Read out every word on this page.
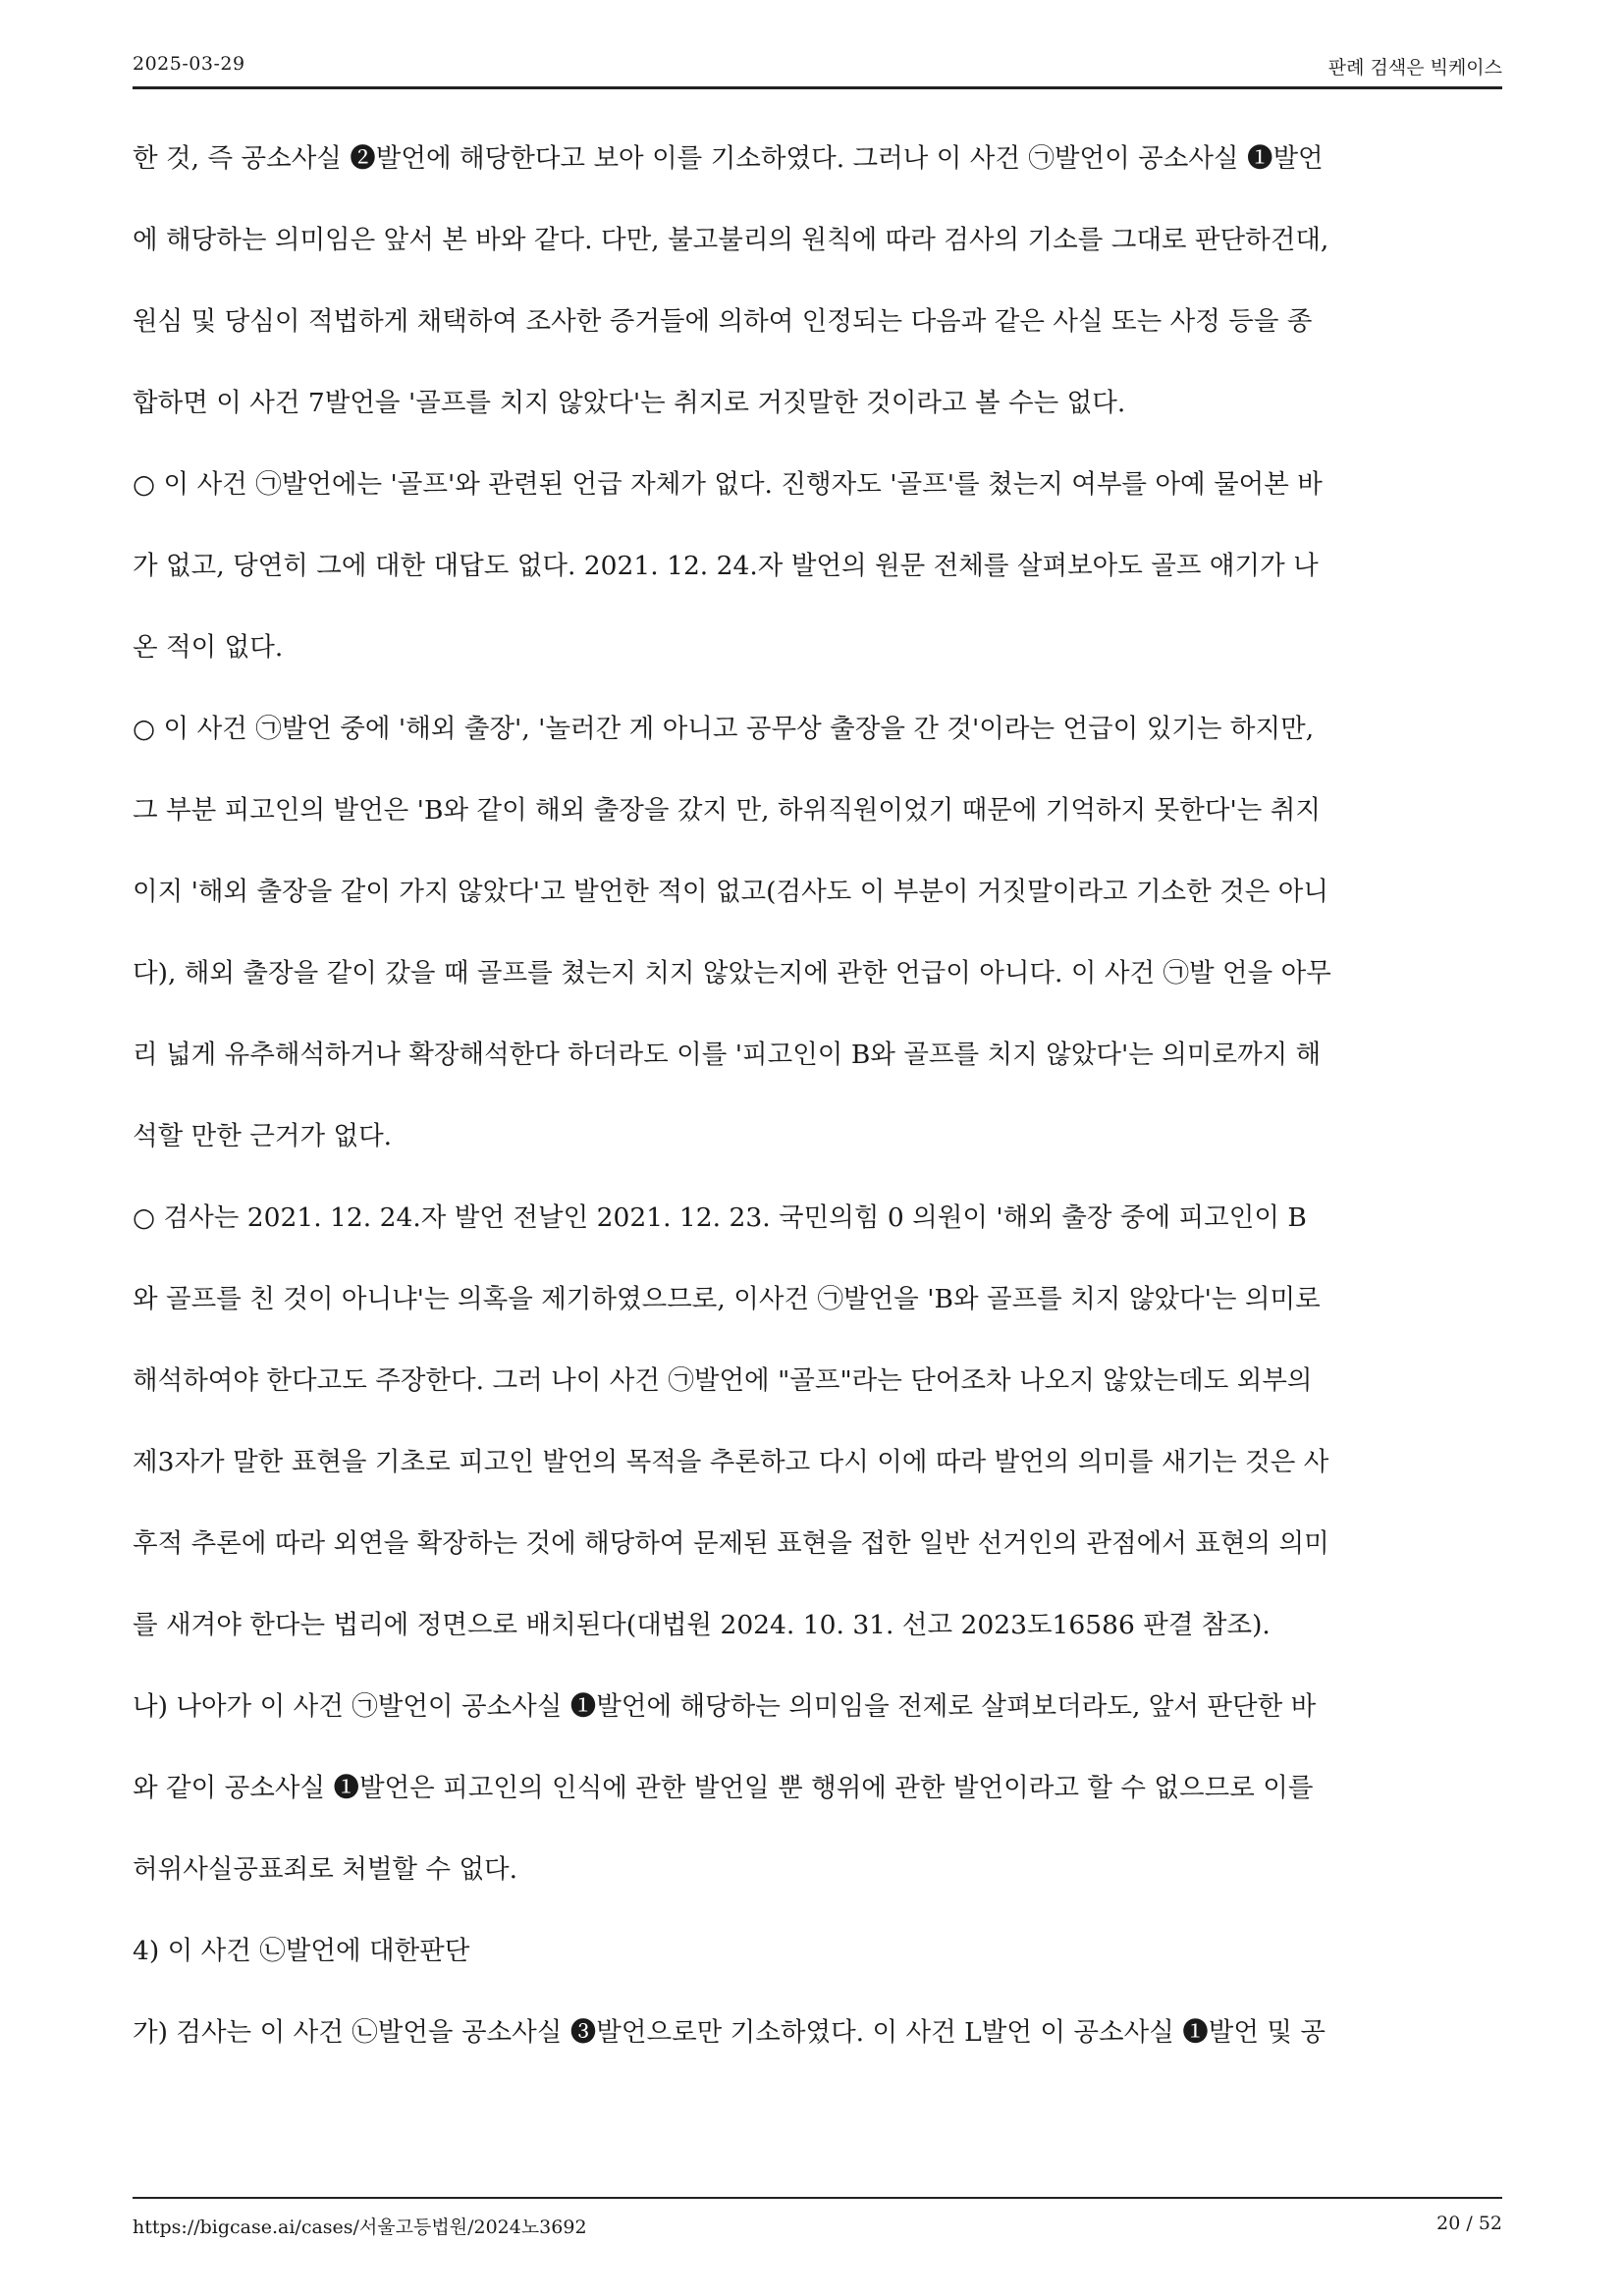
2025-03-29	판례 검색은 빅케이스
한 것, 즉 공소사실 ❷발언에 해당한다고 보아 이를 기소하였다. 그러나 이 사건 ㉠발언이 공소사실 ❶발언
에 해당하는 의미임은 앞서 본 바와 같다. 다만, 불고불리의 원칙에 따라 검사의 기소를 그대로 판단하건대,
원심 및 당심이 적법하게 채택하여 조사한 증거들에 의하여 인정되는 다음과 같은 사실 또는 사정 등을 종
합하면 이 사건 7발언을 '골프를 치지 않았다'는 취지로 거짓말한 것이라고 볼 수는 없다.
○ 이 사건 ㉠발언에는 '골프'와 관련된 언급 자체가 없다. 진행자도 '골프'를 쳤는지 여부를 아예 물어본 바
가 없고, 당연히 그에 대한 대답도 없다. 2021. 12. 24.자 발언의 원문 전체를 살펴보아도 골프 얘기가 나
온 적이 없다.
○ 이 사건 ㉠발언 중에 '해외 출장', '놀러간 게 아니고 공무상 출장을 간 것'이라는 언급이 있기는 하지만,
그 부분 피고인의 발언은 'B와 같이 해외 출장을 갔지 만, 하위직원이었기 때문에 기억하지 못한다'는 취지
이지 '해외 출장을 같이 가지 않았다'고 발언한 적이 없고(검사도 이 부분이 거짓말이라고 기소한 것은 아니
다), 해외 출장을 같이 갔을 때 골프를 쳤는지 치지 않았는지에 관한 언급이 아니다. 이 사건 ㉠발 언을 아무
리 넓게 유추해석하거나 확장해석한다 하더라도 이를 '피고인이 B와 골프를 치지 않았다'는 의미로까지 해
석할 만한 근거가 없다.
○ 검사는 2021. 12. 24.자 발언 전날인 2021. 12. 23. 국민의힘 0 의원이 '해외 출장 중에 피고인이 B
와 골프를 친 것이 아니냐'는 의혹을 제기하였으므로, 이사건 ㉠발언을 'B와 골프를 치지 않았다'는 의미로
해석하여야 한다고도 주장한다. 그러 나이 사건 ㉠발언에 "골프"라는 단어조차 나오지 않았는데도 외부의
제3자가 말한 표현을 기초로 피고인 발언의 목적을 추론하고 다시 이에 따라 발언의 의미를 새기는 것은 사
후적 추론에 따라 외연을 확장하는 것에 해당하여 문제된 표현을 접한 일반 선거인의 관점에서 표현의 의미
를 새겨야 한다는 법리에 정면으로 배치된다(대법원 2024. 10. 31. 선고 2023도16586 판결 참조).
나) 나아가 이 사건 ㉠발언이 공소사실 ❶발언에 해당하는 의미임을 전제로 살펴보더라도, 앞서 판단한 바
와 같이 공소사실 ❶발언은 피고인의 인식에 관한 발언일 뿐 행위에 관한 발언이라고 할 수 없으므로 이를
허위사실공표죄로 처벌할 수 없다.
4) 이 사건 ㉡발언에 대한판단
가) 검사는 이 사건 ㉡발언을 공소사실 ❸발언으로만 기소하였다. 이 사건 L발언 이 공소사실 ❶발언 및 공
https://bigcase.ai/cases/서울고등법원/2024노3692	20 / 52
